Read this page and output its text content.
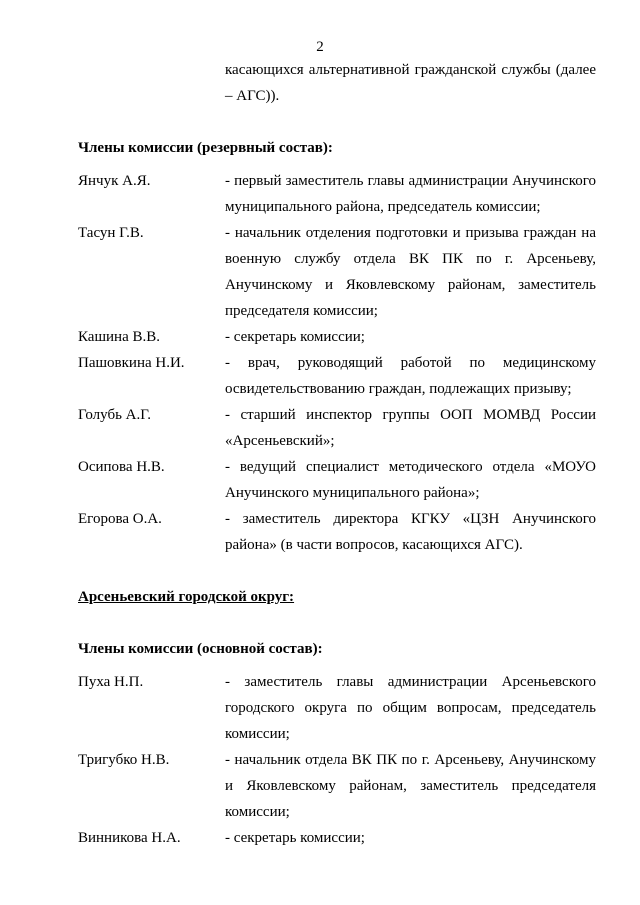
2
касающихся альтернативной гражданской службы (далее – АГС)).
Члены комиссии (резервный состав):
Янчук А.Я.	- первый заместитель главы администрации Анучинского муниципального района, председатель комиссии;
Тасун Г.В.	- начальник отделения подготовки и призыва граждан на военную службу отдела ВК ПК по г. Арсеньеву, Анучинскому и Яковлевскому районам, заместитель председателя комиссии;
Кашина В.В.	- секретарь комиссии;
Пашовкина Н.И.	- врач, руководящий работой по медицинскому освидетельствованию граждан, подлежащих призыву;
Голубь А.Г.	- старший инспектор группы ООП МОМВД России «Арсеньевский»;
Осипова Н.В.	- ведущий специалист методического отдела «МОУО Анучинского муниципального района»;
Егорова О.А.	- заместитель директора КГКУ «ЦЗН Анучинского района» (в части вопросов, касающихся АГС).
Арсеньевский городской округ:
Члены комиссии (основной состав):
Пуха Н.П.	- заместитель главы администрации Арсеньевского городского округа по общим вопросам, председатель комиссии;
Тригубко Н.В.	- начальник отдела ВК ПК по г. Арсеньеву, Анучинскому и Яковлевскому районам, заместитель председателя комиссии;
Винникова Н.А.	- секретарь комиссии;
